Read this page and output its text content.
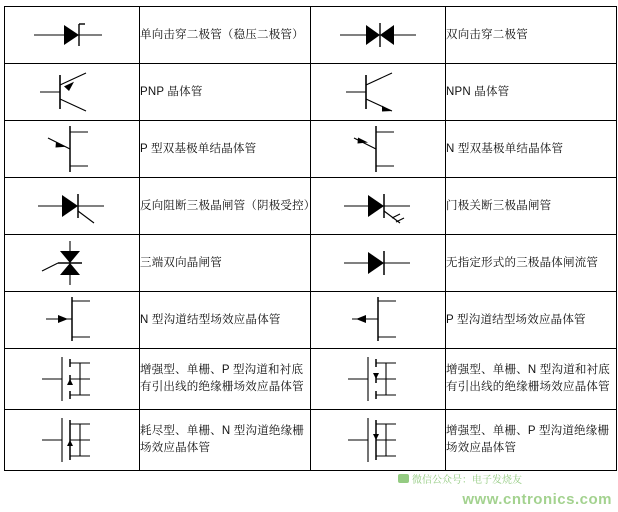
	单向击穿二极管（稳压二极管）		双向击穿二极管

	PNP 晶体管		NPN 晶体管

	P 型双基极单结晶体管		N 型双基极单结晶体管

	反向阻断三极晶闸管（阴极受控）		门极关断三极晶闸管

	三端双向晶闸管		无指定形式的三极晶体闸流管

	N 型沟道结型场效应晶体管		P 型沟道结型场效应晶体管

	增强型、单栅、P 型沟道和衬底有引出线的绝缘栅场效应晶体管		增强型、单栅、N 型沟道和衬底有引出线的绝缘栅场效应晶体管

	耗尽型、单栅、N 型沟道绝缘栅场效应晶体管		增强型、单栅、P 型沟道绝缘栅场效应晶体管
微信公众号：电子发烧友
www.cntronics.com
